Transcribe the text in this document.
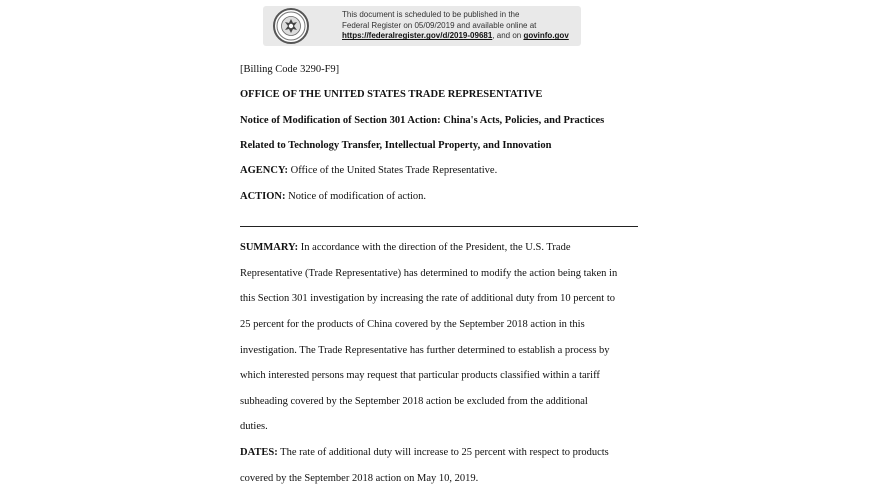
This document is scheduled to be published in the
Federal Register on 05/09/2019 and available online at
https://federalregister.gov/d/2019-09681, and on govinfo.gov
[Billing Code 3290-F9]
OFFICE OF THE UNITED STATES TRADE REPRESENTATIVE
Notice of Modification of Section 301 Action: China's Acts, Policies, and Practices
Related to Technology Transfer, Intellectual Property, and Innovation
AGENCY: Office of the United States Trade Representative.
ACTION: Notice of modification of action.
SUMMARY: In accordance with the direction of the President, the U.S. Trade
Representative (Trade Representative) has determined to modify the action being taken in
this Section 301 investigation by increasing the rate of additional duty from 10 percent to
25 percent for the products of China covered by the September 2018 action in this
investigation. The Trade Representative has further determined to establish a process by
which interested persons may request that particular products classified within a tariff
subheading covered by the September 2018 action be excluded from the additional
duties.
DATES: The rate of additional duty will increase to 25 percent with respect to products
covered by the September 2018 action on May 10, 2019.
